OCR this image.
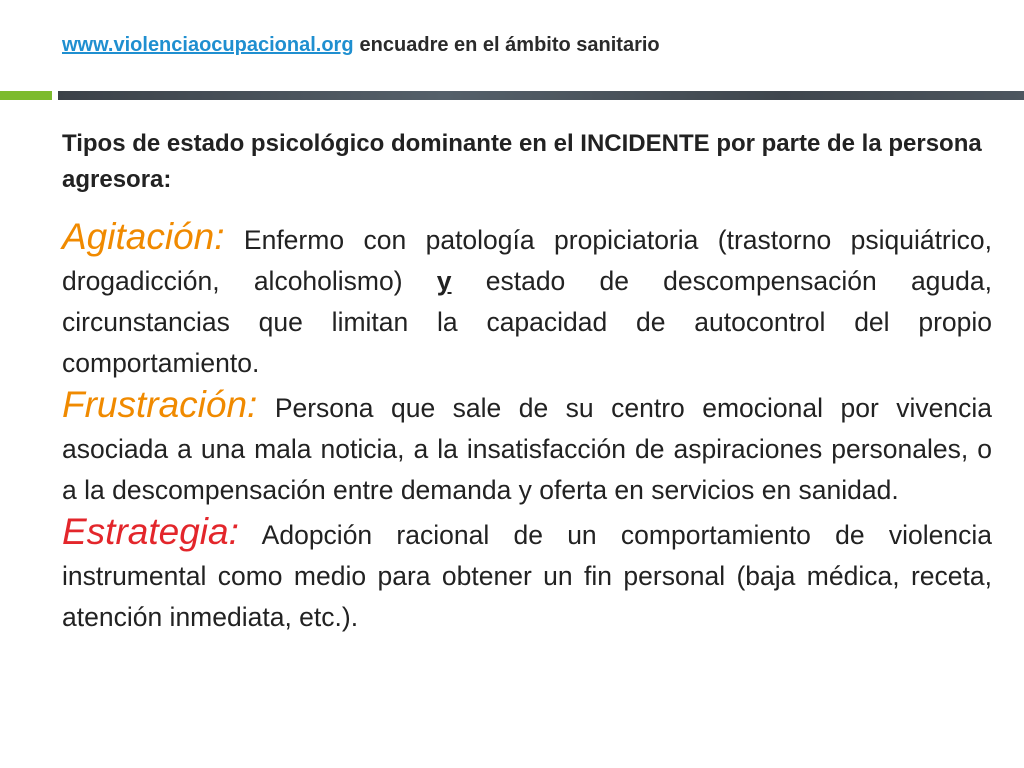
www.violenciaocupacional.org encuadre en el ámbito sanitario

Tipos de estado psicológico dominante en el INCIDENTE por parte de la persona agresora:

Agitación: Enfermo con patología propiciatoria (trastorno psiquiátrico, drogadicción, alcoholismo) y estado de descompensación aguda, circunstancias que limitan la capacidad de autocontrol del propio comportamiento.

Frustración: Persona que sale de su centro emocional por vivencia asociada a una mala noticia, a la insatisfacción de aspiraciones personales, o a la descompensación entre demanda y oferta en servicios en sanidad.

Estrategia: Adopción racional de un comportamiento de violencia instrumental como medio para obtener un fin personal (baja médica, receta, atención inmediata, etc.).
